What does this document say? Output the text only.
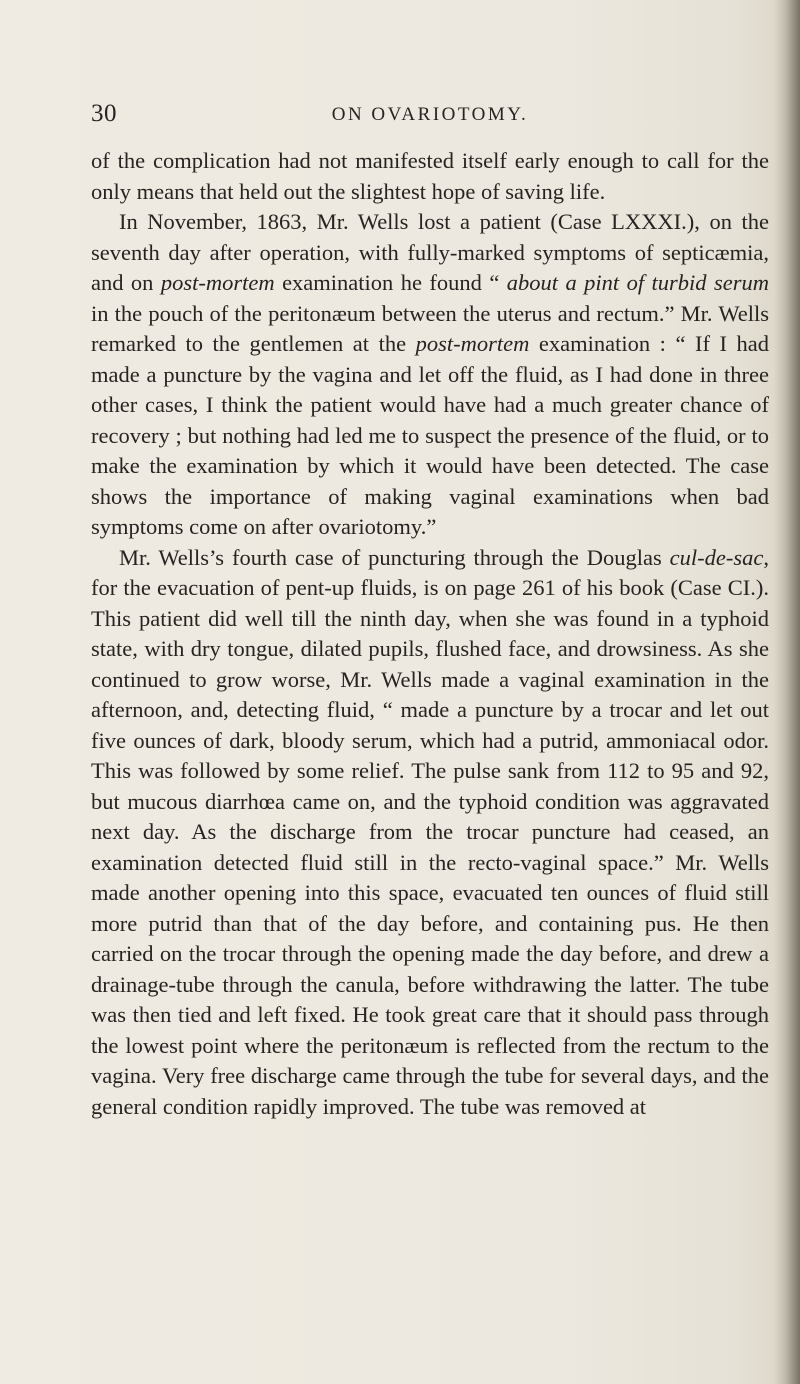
30	ON OVARIOTOMY.

of the complication had not manifested itself early enough to call for the only means that held out the slightest hope of saving life.

In November, 1863, Mr. Wells lost a patient (Case LXXXI.), on the seventh day after operation, with fully-marked symptoms of septicæmia, and on post-mortem examination he found “ about a pint of turbid serum in the pouch of the peritonæum between the uterus and rectum.” Mr. Wells remarked to the gentlemen at the post-mortem examination : “ If I had made a puncture by the vagina and let off the fluid, as I had done in three other cases, I think the patient would have had a much greater chance of recovery ; but nothing had led me to suspect the presence of the fluid, or to make the examination by which it would have been detected. The case shows the importance of making vaginal examinations when bad symptoms come on after ovariotomy.”

Mr. Wells’s fourth case of puncturing through the Douglas cul-de-sac, for the evacuation of pent-up fluids, is on page 261 of his book (Case CI.). This patient did well till the ninth day, when she was found in a typhoid state, with dry tongue, dilated pupils, flushed face, and drowsiness. As she continued to grow worse, Mr. Wells made a vaginal examination in the afternoon, and, detecting fluid, “ made a puncture by a trocar and let out five ounces of dark, bloody serum, which had a putrid, ammoniacal odor. This was followed by some relief. The pulse sank from 112 to 95 and 92, but mucous diarrhœa came on, and the typhoid condition was aggravated next day. As the discharge from the trocar puncture had ceased, an examination detected fluid still in the recto-vaginal space.” Mr. Wells made another opening into this space, evacuated ten ounces of fluid still more putrid than that of the day before, and containing pus. He then carried on the trocar through the opening made the day before, and drew a drainage-tube through the canula, before withdrawing the latter. The tube was then tied and left fixed. He took great care that it should pass through the lowest point where the peritonæum is reflected from the rectum to the vagina. Very free discharge came through the tube for several days, and the general condition rapidly improved. The tube was removed at
